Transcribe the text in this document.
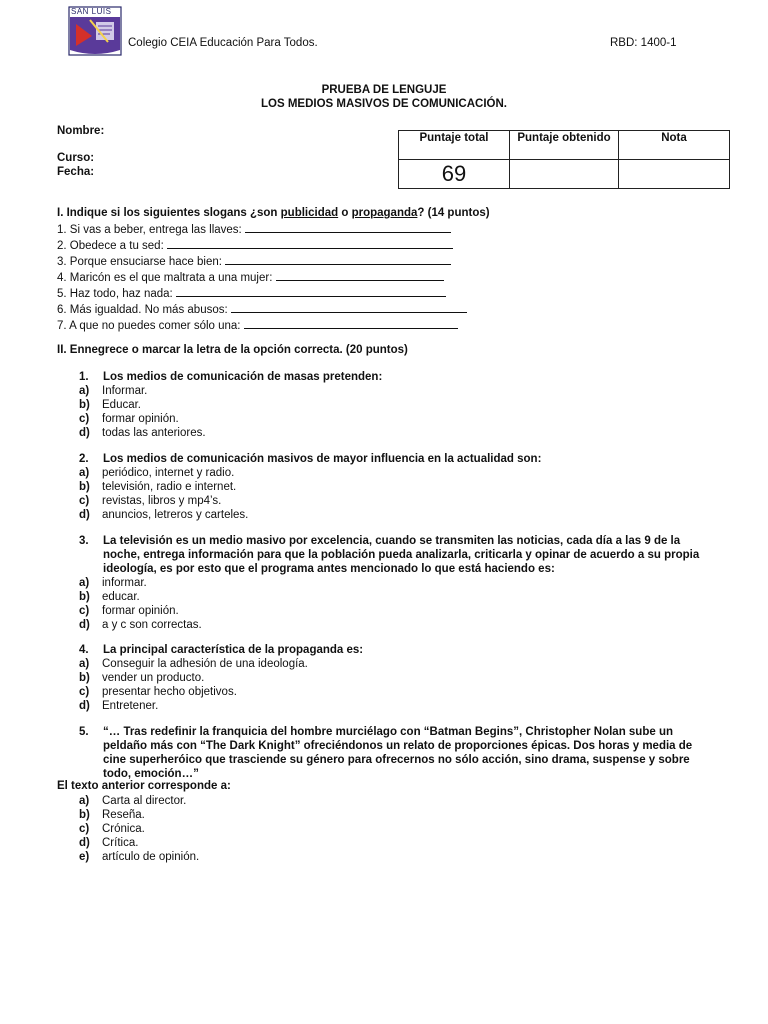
SAN LUIS
Colegio CEIA Educación Para Todos.	RBD: 1400-1
PRUEBA DE LENGUJE
LOS MEDIOS MASIVOS DE COMUNICACIÓN.
Nombre:
Curso:
Fecha:
Puntaje total	Puntaje obtenido	Nota
69		
I. Indique si los siguientes slogans ¿son publicidad o propaganda? (14 puntos)
1. Si vas a beber, entrega las llaves:
2. Obedece a tu sed:
3. Porque ensuciarse hace bien:
4. Maricón es el que maltrata a una mujer:
5. Haz todo, haz nada:
6. Más igualdad. No más abusos:
7. A que no puedes comer sólo una:
II. Ennegrece o marcar la letra de la opción correcta. (20 puntos)
1.	Los medios de comunicación de masas pretenden:
a)	Informar.
b)	Educar.
c)	formar opinión.
d)	todas las anteriores.
2.	Los medios de comunicación masivos de mayor influencia en la actualidad son:
a)	periódico, internet y radio.
b)	televisión, radio e internet.
c)	revistas, libros y mp4’s.
d)	anuncios, letreros y carteles.
3.	La televisión es un medio masivo por excelencia, cuando se transmiten las noticias, cada día a las 9 de la noche, entrega información para que la población pueda analizarla, criticarla y opinar de acuerdo a su propia ideología, es por esto que el programa antes mencionado lo que está haciendo es:
a)	informar.
b)	educar.
c)	formar opinión.
d)	a y c son correctas.
4.	La principal característica de la propaganda es:
a)	Conseguir la adhesión de una ideología.
b)	vender un producto.
c)	presentar hecho objetivos.
d)	Entretener.
5.	“… Tras redefinir la franquicia del hombre murciélago con “Batman Begins”, Christopher Nolan sube un peldaño más con “The Dark Knight” ofreciéndonos un relato de proporciones épicas. Dos horas y media de cine superheróico que trasciende su género para ofrecernos no sólo acción, sino drama, suspense y sobre todo, emoción…”
El texto anterior corresponde a:
a)	Carta al director.
b)	Reseña.
c)	Crónica.
d)	Crítica.
e)	artículo de opinión.
